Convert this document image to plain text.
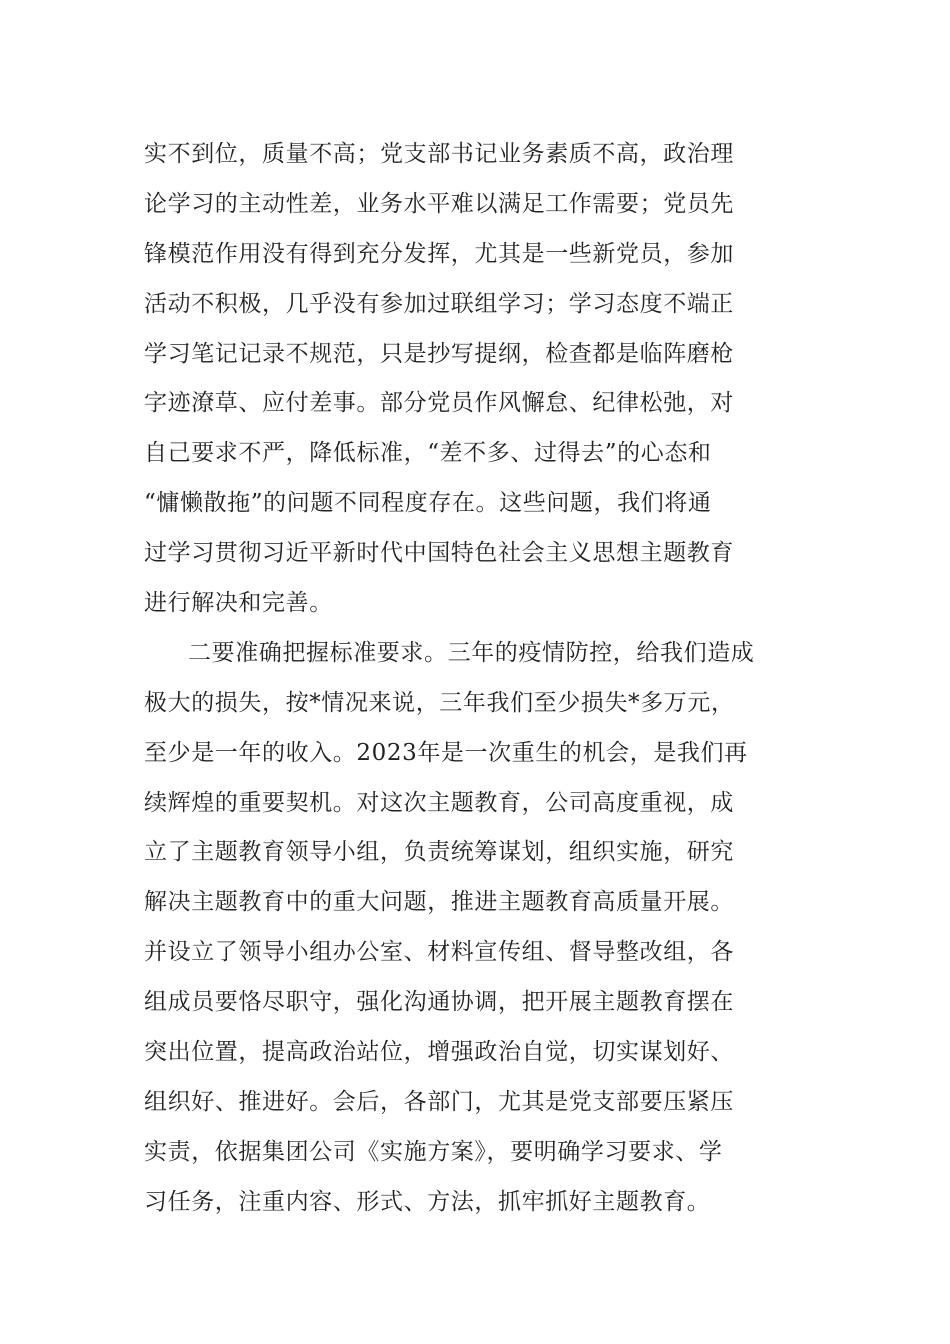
实不到位，质量不高；党支部书记业务素质不高，政治理
论学习的主动性差，业务水平难以满足工作需要；党员先
锋模范作用没有得到充分发挥，尤其是一些新党员，参加
活动不积极，几乎没有参加过联组学习；学习态度不端正
学习笔记记录不规范，只是抄写提纲，检查都是临阵磨枪
字迹潦草、应付差事。部分党员作风懈怠、纪律松弛，对
自己要求不严，降低标准，“差不多、过得去”的心态和
“慵懒散拖”的问题不同程度存在。这些问题，我们将通
过学习贯彻习近平新时代中国特色社会主义思想主题教育
进行解决和完善。
二要准确把握标准要求。三年的疫情防控，给我们造成
极大的损失，按*情况来说，三年我们至少损失*多万元，
至少是一年的收入。2023年是一次重生的机会，是我们再
续辉煌的重要契机。对这次主题教育，公司高度重视，成
立了主题教育领导小组，负责统筹谋划，组织实施，研究
解决主题教育中的重大问题，推进主题教育高质量开展。
并设立了领导小组办公室、材料宣传组、督导整改组，各
组成员要恪尽职守，强化沟通协调，把开展主题教育摆在
突出位置，提高政治站位，增强政治自觉，切实谋划好、
组织好、推进好。会后，各部门，尤其是党支部要压紧压
实责，依据集团公司《实施方案》，要明确学习要求、学
习任务，注重内容、形式、方法，抓牢抓好主题教育。
